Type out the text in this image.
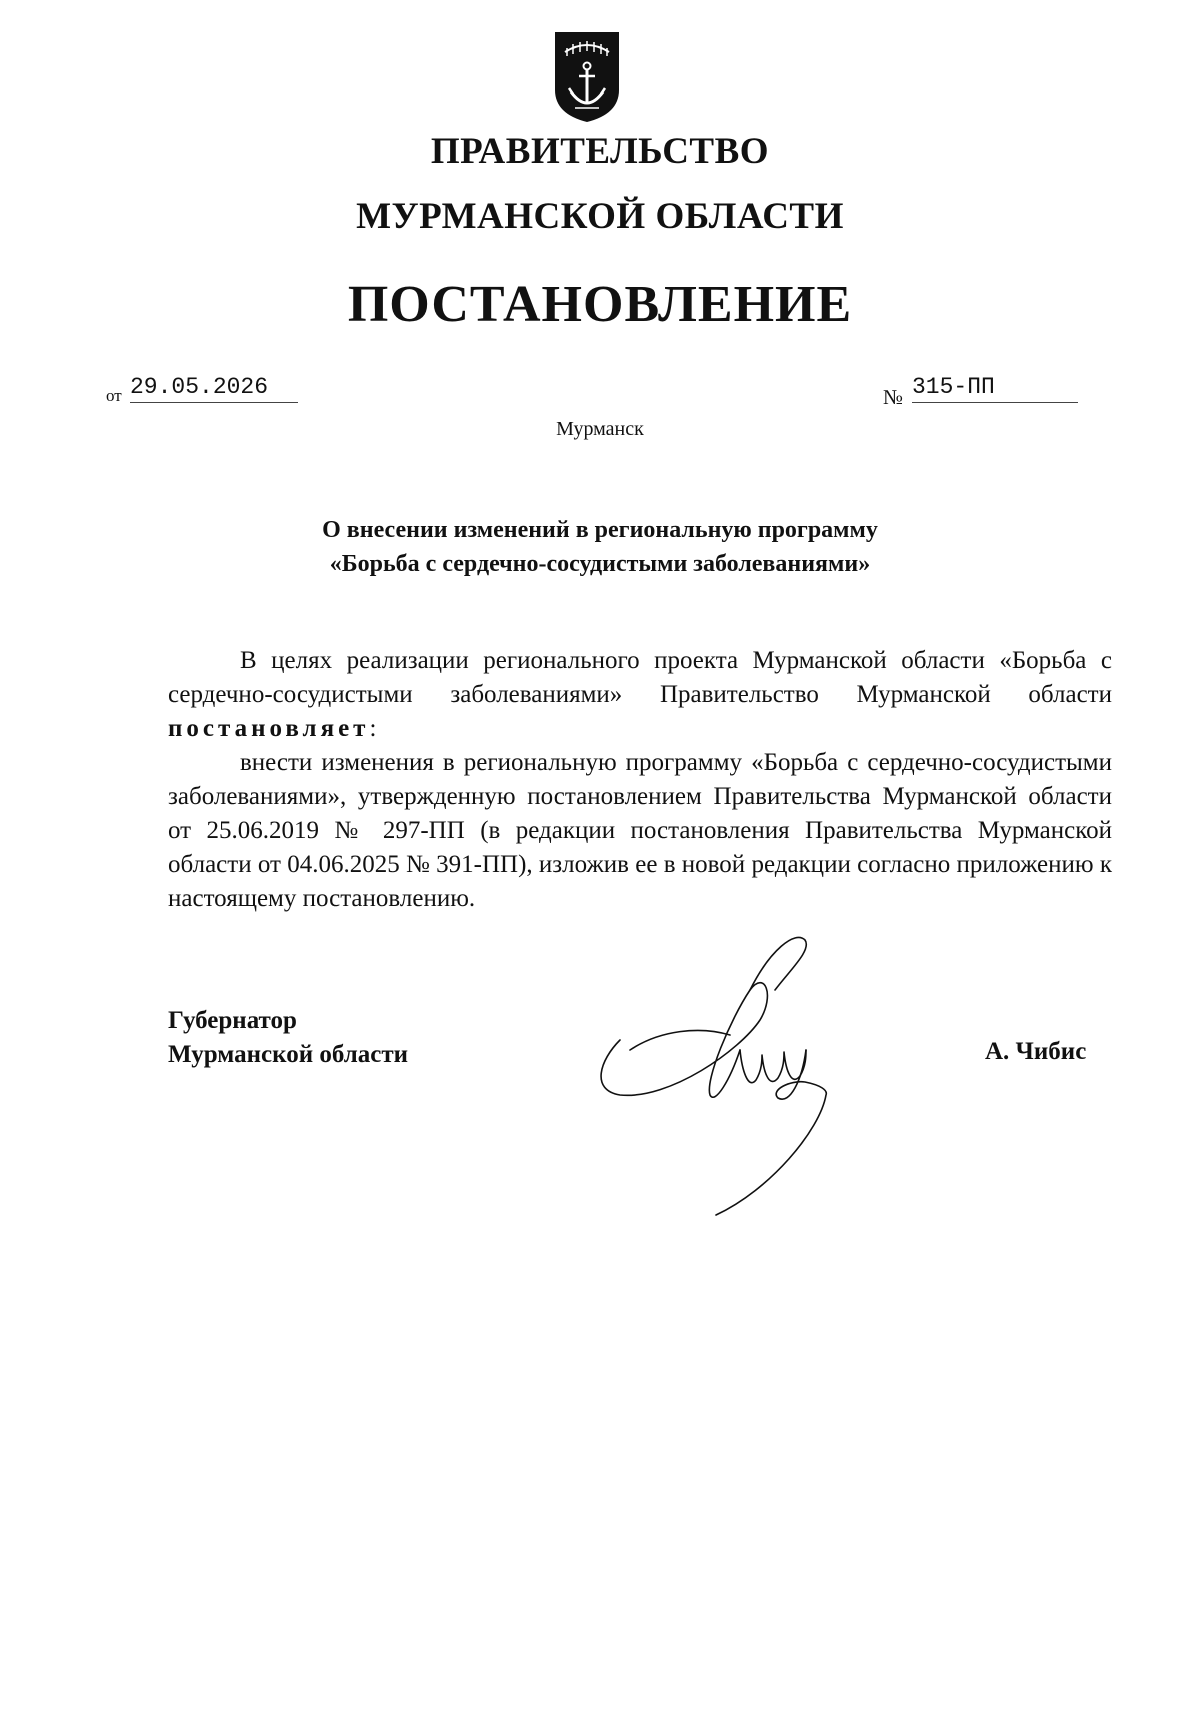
ПРАВИТЕЛЬСТВО
МУРМАНСКОЙ ОБЛАСТИ
ПОСТАНОВЛЕНИЕ
от 29.05.2026	№ 315-ПП
Мурманск
О внесении изменений в региональную программу
«Борьба с сердечно-сосудистыми заболеваниями»
В целях реализации регионального проекта Мурманской области «Борьба с сердечно-сосудистыми заболеваниями» Правительство Мурманской области постановляет:
внести изменения в региональную программу «Борьба с сердечно-сосудистыми заболеваниями», утвержденную постановлением Правительства Мурманской области от 25.06.2019 № 297-ПП (в редакции постановления Правительства Мурманской области от 04.06.2025 № 391-ПП), изложив ее в новой редакции согласно приложению к настоящему постановлению.
Губернатор
Мурманской области	А. Чибис
